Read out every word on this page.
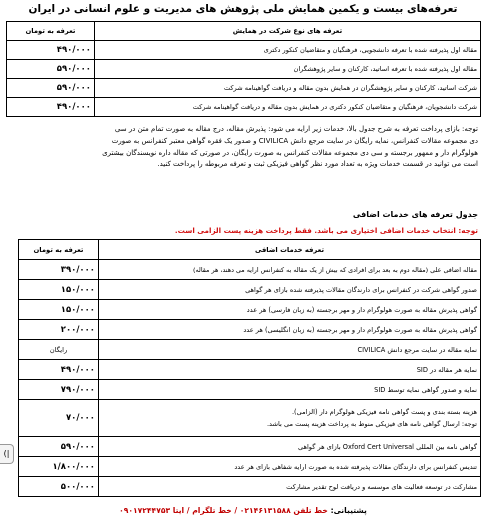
تعرفه‌های بیست و یکمین همایش ملی پژوهش های مدیریت و علوم انسانی در ایران
تعرفه های نوع شرکت در همایش	تعرفه به تومان
مقاله اول پذیرفته شده با تعرفه دانشجویی، فرهنگیان و متقاضیان کنکور دکتری	۴۹۰/۰۰۰
مقاله اول پذیرفته شده با تعرفه اساتید، کارکنان و سایر پژوهشگران	۵۹۰/۰۰۰
شرکت اساتید، کارکنان و سایر پژوهشگران در همایش بدون مقاله و دریافت گواهینامه شرکت	۵۹۰/۰۰۰
شرکت دانشجویان، فرهنگیان و متقاضیان کنکور دکتری در همایش بدون مقاله و دریافت گواهینامه شرکت	۴۹۰/۰۰۰

توجه: بازای پرداخت تعرفه به شرح جدول بالا، خدمات زیر ارایه می شود: پذیرش مقاله، درج مقاله به صورت تمام متن در سی

دی مجموعه مقالات کنفرانس، نمایه رایگان در سایت مرجع دانش CIVILICA و صدور یک فقره گواهی معتبر کنفرانس به صورت

هولوگرام دار و ممهور برجسته و سی دی مجموعه مقالات کنفرانس به صورت رایگان، در صورتی که مقاله داره نویسندگان بیشتری

است می توانید در قسمت خدمات ویژه به تعداد مورد نظر گواهی فیزیکی ثبت و تعرفه مربوطه را پرداخت کنید.

جدول تعرفه های خدمات اضافی
توجه: انتخاب خدمات اضافی اختیاری می باشد. فقط پرداخت هزینه پست الزامی است.
تعرفه خدمات اضافی	تعرفه به تومان
مقاله اضافی علی (مقاله دوم به بعد برای افرادی که بیش از یک مقاله به کنفرانس ارایه می دهند، هر مقاله)	۳۹۰/۰۰۰
صدور گواهی شرکت در کنفرانس برای دارندگان مقالات پذیرفته شده بازای هر گواهی	۱۵۰/۰۰۰
گواهی پذیرش مقاله به صورت هولوگرام دار و مهر برجسته (به زبان فارسی) هر عدد	۱۵۰/۰۰۰
گواهی پذیرش مقاله به صورت هولوگرام دار و مهر برجسته (به زبان انگلیسی) هر عدد	۲۰۰/۰۰۰
نمایه مقاله در سایت مرجع دانش CIVILICA	رایگان
نمایه هر مقاله در SID	۴۹۰/۰۰۰
نمایه و صدور گواهی نمایه توسط SID	۷۹۰/۰۰۰

هزینه بسته بندی و پست گواهی نامه فیزیکی هولوگرام دار (الزامی).
توجه: ارسال گواهی نامه های فیزیکی منوط به پرداخت هزینه پست می باشد.	۷۰/۰۰۰
گواهی نامه بین المللی Oxford Cert Universal بازای هر گواهی	۵۹۰/۰۰۰
تندیس کنفرانس برای دارندگان مقالات پذیرفته شده به صورت ارایه شفاهی بازای هر عدد	۱/۸۰۰/۰۰۰
مشارکت در توسعه فعالیت های موسسه و دریافت لوح تقدیر مشارکت	۵۰۰/۰۰۰
پشتیبانی: خط تلفن ۰۲۱۴۶۱۳۱۵۸۸ / خط تلگرام / ایتا ۰۹۰۱۷۲۴۴۷۵۳
(|
